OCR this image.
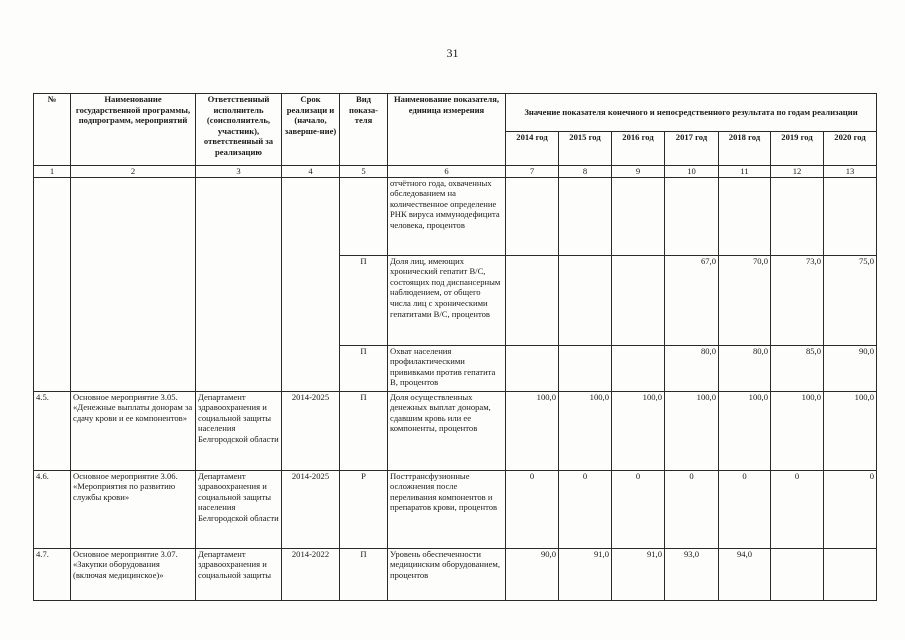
31
№	Наименование государственной программы, подпрограмм, мероприятий	Ответственный исполнитель (соисполнитель, участник), ответственный за реализацию	Срок реализаци и (начало, заверше-ние)	Вид показа-теля	Наименование показателя, единица измерения	Значение показателя конечного и непосредственного результата по годам реализации						
						2014 год	2015 год	2016 год	2017 год	2018 год	2019 год	2020 год
1	2	3	4	5	6	7	8	9	10	11	12	13
					отчётного года, охваченных обследованием на количественное определение РНК вируса иммунодефицита человека, процентов							
				П	Доля лиц, имеющих хронический гепатит В/С, состоящих под диспансерным наблюдением, от общего числа лиц с хроническими гепатитами В/С, процентов				67,0	70,0	73,0	75,0
				П	Охват населения профилактическими прививками против гепатита В, процентов				80,0	80,0	85,0	90,0
4.5.	Основное мероприятие 3.05. «Денежные выплаты донорам за сдачу крови и ее компонентов»	Департамент здравоохранения и социальной защиты населения Белгородской области	2014-2025	П	Доля осуществленных денежных выплат донорам, сдавшим кровь или ее компоненты, процентов	100,0	100,0	100,0	100,0	100,0	100,0	100,0
4.6.	Основное мероприятие 3.06. «Мероприятия по развитию службы крови»	Департамент здравоохранения и социальной защиты населения Белгородской области	2014-2025	Р	Посттрансфузионные осложнения после переливания компонентов и препаратов крови, процентов	0	0	0	0	0	0	0
4.7.	Основное мероприятие 3.07. «Закупки оборудования (включая медицинское)»	Департамент здравоохранения и социальной защиты	2014-2022	П	Уровень обеспеченности медицинским оборудованием, процентов	90,0	91,0	91,0	93,0	94,0		
